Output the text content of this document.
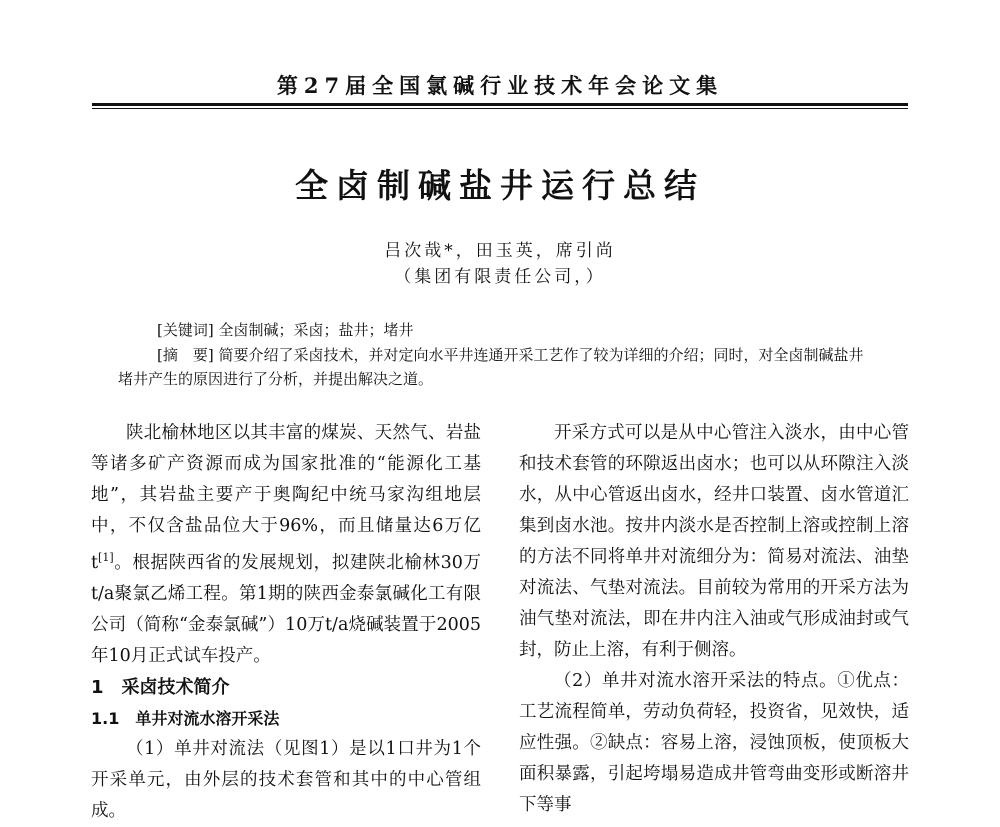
第27届全国氯碱行业技术年会论文集
全卤制碱盐井运行总结
吕次哉*，田玉英，席引尚
（集团有限责任公司，）
[关键词] 全卤制碱；采卤；盐井；堵井
[摘　要] 简要介绍了采卤技术，并对定向水平井连通开采工艺作了较为详细的介绍；同时，对全卤制碱盐井
堵井产生的原因进行了分析，并提出解决之道。

陕北榆林地区以其丰富的煤炭、天然气、岩盐等诸多矿产资源而成为国家批准的“能源化工基地”，其岩盐主要产于奥陶纪中统马家沟组地层中，不仅含盐品位大于96%，而且储量达6万亿t[1]。根据陕西省的发展规划，拟建陕北榆林30万t/a聚氯乙烯工程。第1期的陕西金泰氯碱化工有限公司（简称“金泰氯碱”）10万t/a烧碱装置于2005年10月正式试车投产。

1　采卤技术简介

1.1　单井对流水溶开采法

（1）单井对流法（见图1）是以1口井为1个开采单元，由外层的技术套管和其中的中心管组成。

开采方式可以是从中心管注入淡水，由中心管和技术套管的环隙返出卤水；也可以从环隙注入淡水，从中心管返出卤水，经井口装置、卤水管道汇集到卤水池。按井内淡水是否控制上溶或控制上溶的方法不同将单井对流细分为：简易对流法、油垫对流法、气垫对流法。目前较为常用的开采方法为油气垫对流法，即在井内注入油或气形成油封或气封，防止上溶，有利于侧溶。

（2）单井对流水溶开采法的特点。①优点：工艺流程简单，劳动负荷轻，投资省，见效快，适应性强。②缺点：容易上溶，浸蚀顶板，使顶板大面积暴露，引起垮塌易造成井管弯曲变形或断溶井下等事
